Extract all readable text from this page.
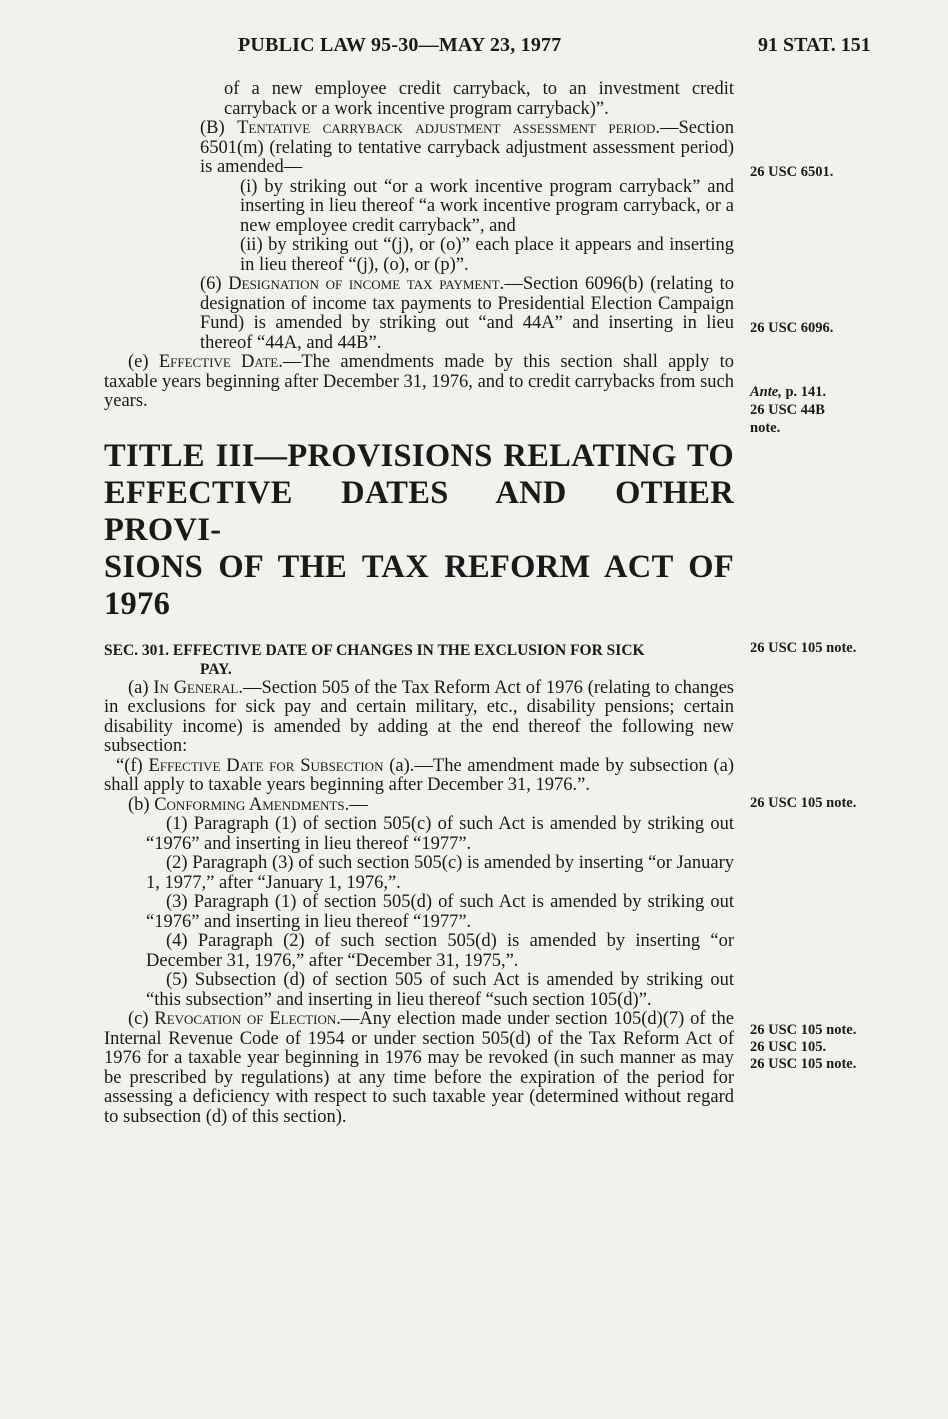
PUBLIC LAW 95-30—MAY 23, 1977	91 STAT. 151

of a new employee credit carryback, to an investment credit carryback or a work incentive program carryback)”.

(B) Tentative carryback adjustment assessment period.—Section 6501(m) (relating to tentative carryback adjustment assessment period) is amended—

(i) by striking out “or a work incentive program carryback” and inserting in lieu thereof “a work incentive program carryback, or a new employee credit carryback”, and

(ii) by striking out “(j), or (o)” each place it appears and inserting in lieu thereof “(j), (o), or (p)”.

(6) Designation of income tax payment.—Section 6096(b) (relating to designation of income tax payments to Presidential Election Campaign Fund) is amended by striking out “and 44A” and inserting in lieu thereof “44A, and 44B”.

(e) Effective Date.—The amendments made by this section shall apply to taxable years beginning after December 31, 1976, and to credit carrybacks from such years.

TITLE III—PROVISIONS RELATING TO

EFFECTIVE DATES AND OTHER PROVI-

SIONS OF THE TAX REFORM ACT OF 1976

SEC. 301. EFFECTIVE DATE OF CHANGES IN THE EXCLUSION FOR SICK
PAY.

(a) In General.—Section 505 of the Tax Reform Act of 1976 (relating to changes in exclusions for sick pay and certain military, etc., disability pensions; certain disability income) is amended by adding at the end thereof the following new subsection:

“(f) Effective Date for Subsection (a).—The amendment made by subsection (a) shall apply to taxable years beginning after December 31, 1976.”.

(b) Conforming Amendments.—

(1) Paragraph (1) of section 505(c) of such Act is amended by striking out “1976” and inserting in lieu thereof “1977”.

(2) Paragraph (3) of such section 505(c) is amended by inserting “or January 1, 1977,” after “January 1, 1976,”.

(3) Paragraph (1) of section 505(d) of such Act is amended by striking out “1976” and inserting in lieu thereof “1977”.

(4) Paragraph (2) of such section 505(d) is amended by inserting “or December 31, 1976,” after “December 31, 1975,”.

(5) Subsection (d) of section 505 of such Act is amended by striking out “this subsection” and inserting in lieu thereof “such section 105(d)”.

(c) Revocation of Election.—Any election made under section 105(d)(7) of the Internal Revenue Code of 1954 or under section 505(d) of the Tax Reform Act of 1976 for a taxable year beginning in 1976 may be revoked (in such manner as may be prescribed by regulations) at any time before the expiration of the period for assessing a deficiency with respect to such taxable year (determined without regard to subsection (d) of this section).

26 USC 6501.
26 USC 6096.
Ante, p. 141.
26 USC 44B
note.
26 USC 105 note.
26 USC 105 note.
26 USC 105 note.
26 USC 105.
26 USC 105 note.
